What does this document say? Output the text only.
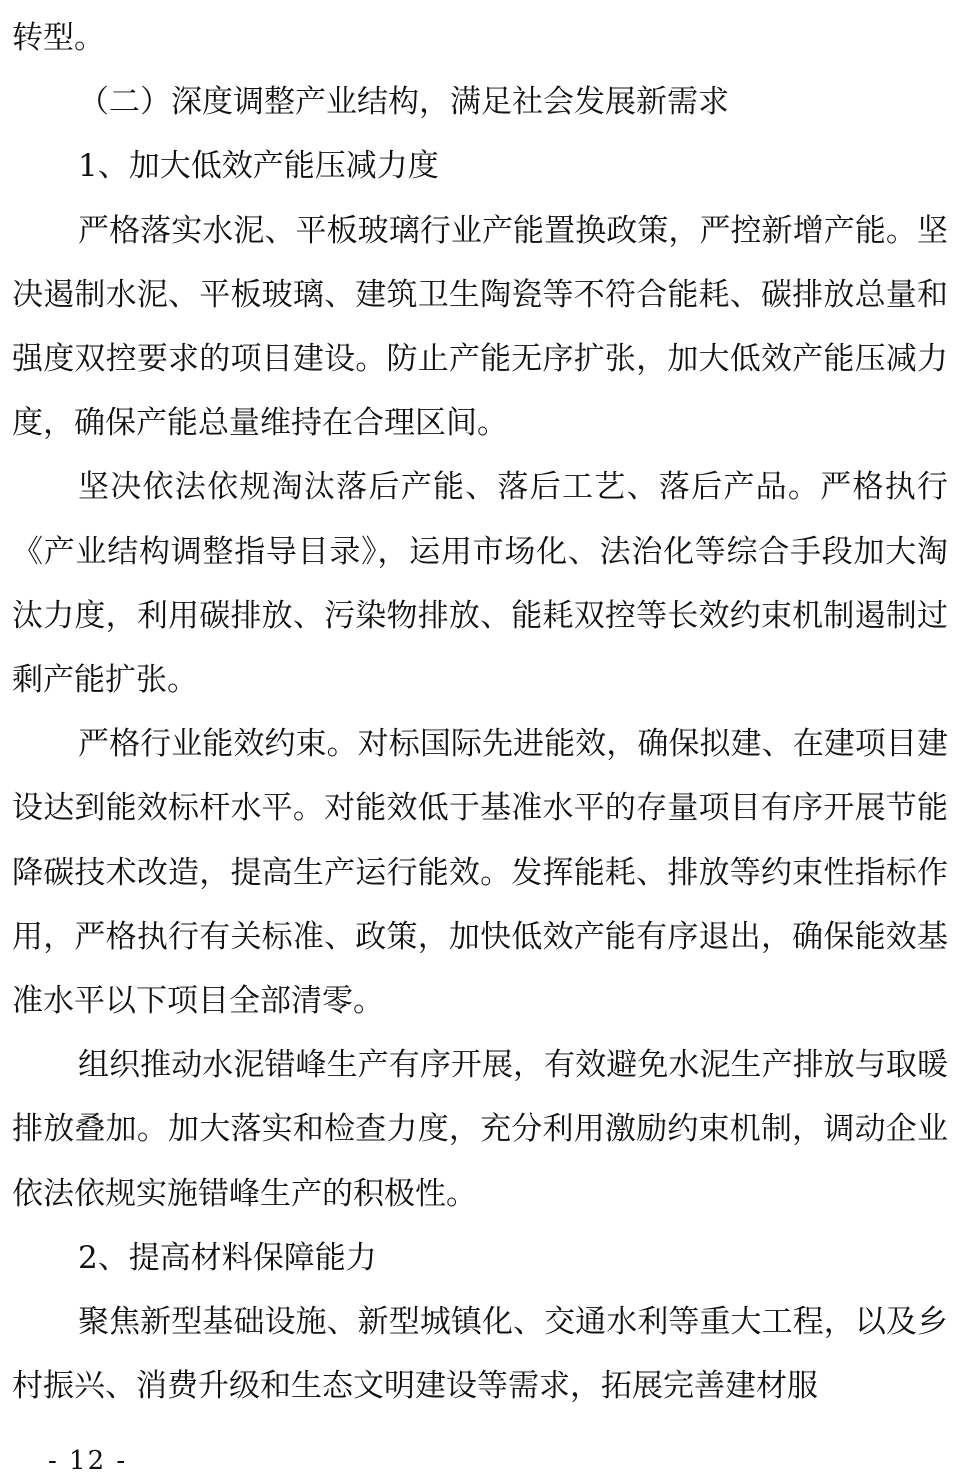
转型。

（二）深度调整产业结构，满足社会发展新需求

1、加大低效产能压减力度

严格落实水泥、平板玻璃行业产能置换政策，严控新增产能。坚决遏制水泥、平板玻璃、建筑卫生陶瓷等不符合能耗、碳排放总量和强度双控要求的项目建设。防止产能无序扩张，加大低效产能压减力度，确保产能总量维持在合理区间。

坚决依法依规淘汰落后产能、落后工艺、落后产品。严格执行《产业结构调整指导目录》，运用市场化、法治化等综合手段加大淘汰力度，利用碳排放、污染物排放、能耗双控等长效约束机制遏制过剩产能扩张。

严格行业能效约束。对标国际先进能效，确保拟建、在建项目建设达到能效标杆水平。对能效低于基准水平的存量项目有序开展节能降碳技术改造，提高生产运行能效。发挥能耗、排放等约束性指标作用，严格执行有关标准、政策，加快低效产能有序退出，确保能效基准水平以下项目全部清零。

组织推动水泥错峰生产有序开展，有效避免水泥生产排放与取暖排放叠加。加大落实和检查力度，充分利用激励约束机制，调动企业依法依规实施错峰生产的积极性。

2、提高材料保障能力

聚焦新型基础设施、新型城镇化、交通水利等重大工程，以及乡村振兴、消费升级和生态文明建设等需求，拓展完善建材服

- 12 -
